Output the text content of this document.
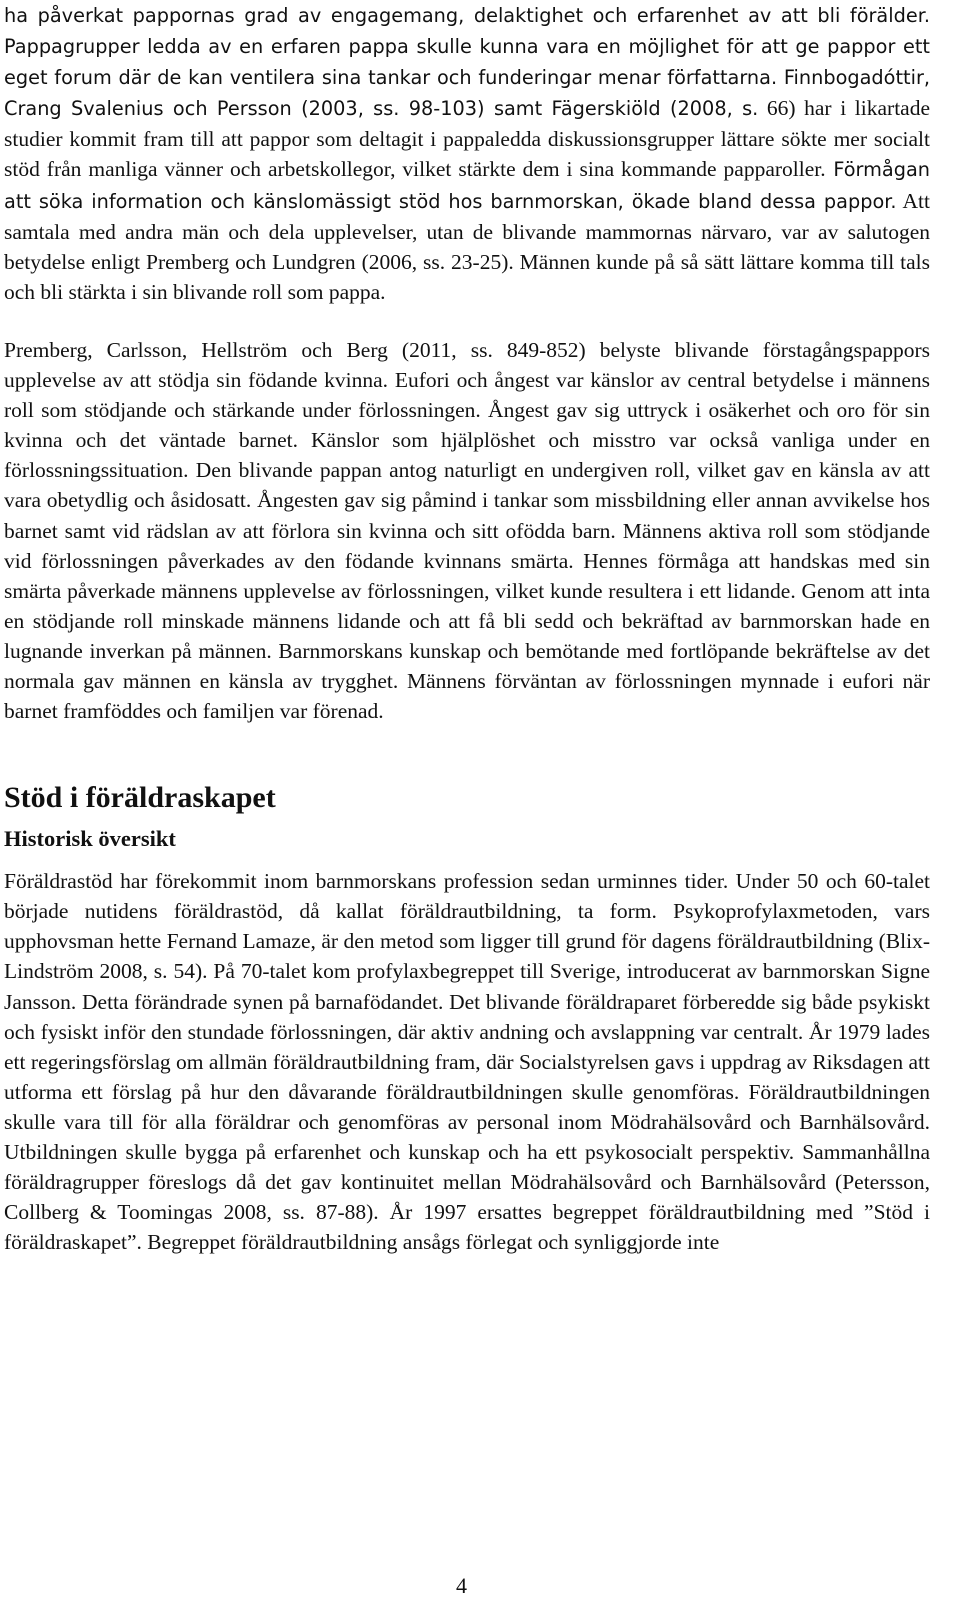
ha påverkat pappornas grad av engagemang, delaktighet och erfarenhet av att bli förälder. Pappagrupper ledda av en erfaren pappa skulle kunna vara en möjlighet för att ge pappor ett eget forum där de kan ventilera sina tankar och funderingar menar författarna. Finnbogadóttir, Crang Svalenius och Persson (2003, ss. 98-103) samt Fägerskiöld (2008, s. 66) har i likartade studier kommit fram till att pappor som deltagit i pappaledda diskussionsgrupper lättare sökte mer socialt stöd från manliga vänner och arbetskollegor, vilket stärkte dem i sina kommande papparoller. Förmågan att söka information och känslomässigt stöd hos barnmorskan, ökade bland dessa pappor. Att samtala med andra män och dela upplevelser, utan de blivande mammornas närvaro, var av salutogen betydelse enligt Premberg och Lundgren (2006, ss. 23-25). Männen kunde på så sätt lättare komma till tals och bli stärkta i sin blivande roll som pappa.

Premberg, Carlsson, Hellström och Berg (2011, ss. 849-852) belyste blivande förstagångspappors upplevelse av att stödja sin födande kvinna. Eufori och ångest var känslor av central betydelse i männens roll som stödjande och stärkande under förlossningen. Ångest gav sig uttryck i osäkerhet och oro för sin kvinna och det väntade barnet. Känslor som hjälplöshet och misstro var också vanliga under en förlossningssituation. Den blivande pappan antog naturligt en undergiven roll, vilket gav en känsla av att vara obetydlig och åsidosatt. Ångesten gav sig påmind i tankar som missbildning eller annan avvikelse hos barnet samt vid rädslan av att förlora sin kvinna och sitt ofödda barn. Männens aktiva roll som stödjande vid förlossningen påverkades av den födande kvinnans smärta. Hennes förmåga att handskas med sin smärta påverkade männens upplevelse av förlossningen, vilket kunde resultera i ett lidande. Genom att inta en stödjande roll minskade männens lidande och att få bli sedd och bekräftad av barnmorskan hade en lugnande inverkan på männen. Barnmorskans kunskap och bemötande med fortlöpande bekräftelse av det normala gav männen en känsla av trygghet. Männens förväntan av förlossningen mynnade i eufori när barnet framföddes och familjen var förenad.

Stöd i föräldraskapet
Historisk översikt

Föräldrastöd har förekommit inom barnmorskans profession sedan urminnes tider. Under 50 och 60-talet började nutidens föräldrastöd, då kallat föräldrautbildning, ta form. Psykoprofylaxmetoden, vars upphovsman hette Fernand Lamaze, är den metod som ligger till grund för dagens föräldrautbildning (Blix-Lindström 2008, s. 54). På 70-talet kom profylaxbegreppet till Sverige, introducerat av barnmorskan Signe Jansson. Detta förändrade synen på barnafödandet. Det blivande föräldraparet förberedde sig både psykiskt och fysiskt inför den stundade förlossningen, där aktiv andning och avslappning var centralt. År 1979 lades ett regeringsförslag om allmän föräldrautbildning fram, där Socialstyrelsen gavs i uppdrag av Riksdagen att utforma ett förslag på hur den dåvarande föräldrautbildningen skulle genomföras. Föräldrautbildningen skulle vara till för alla föräldrar och genomföras av personal inom Mödrahälsovård och Barnhälsovård. Utbildningen skulle bygga på erfarenhet och kunskap och ha ett psykosocialt perspektiv. Sammanhållna föräldragrupper föreslogs då det gav kontinuitet mellan Mödrahälsovård och Barnhälsovård (Petersson, Collberg & Toomingas 2008, ss. 87-88). År 1997 ersattes begreppet föräldrautbildning med ”Stöd i föräldraskapet”. Begreppet föräldrautbildning ansågs förlegat och synliggjorde inte

4
